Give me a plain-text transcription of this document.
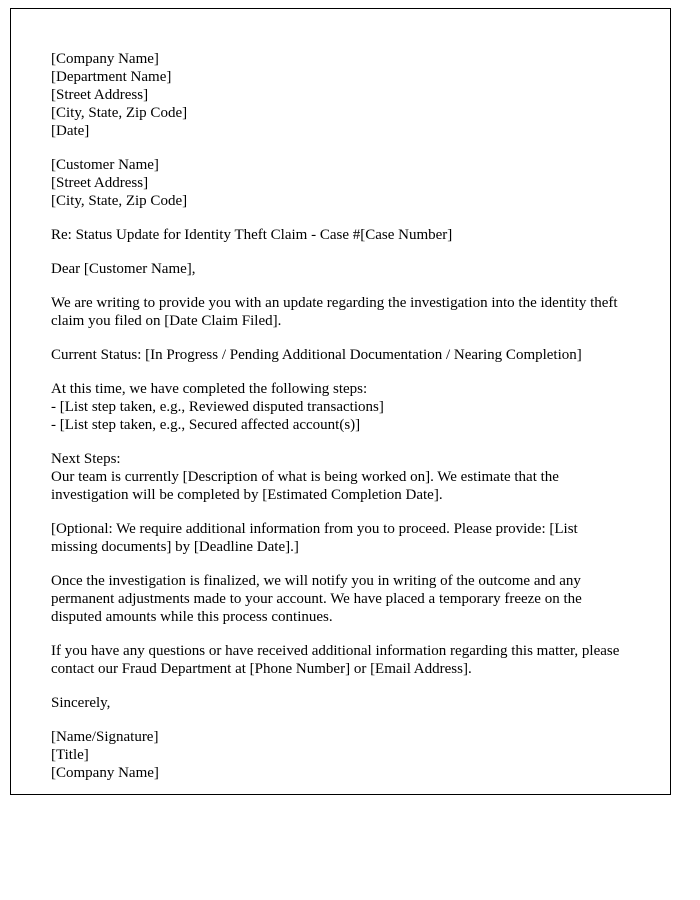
[Company Name]
[Department Name]
[Street Address]
[City, State, Zip Code]
[Date]
[Customer Name]
[Street Address]
[City, State, Zip Code]

Re: Status Update for Identity Theft Claim - Case #[Case Number]

Dear [Customer Name],

We are writing to provide you with an update regarding the investigation into the identity theft claim you filed on [Date Claim Filed].

Current Status: [In Progress / Pending Additional Documentation / Nearing Completion]

At this time, we have completed the following steps:
- [List step taken, e.g., Reviewed disputed transactions]
- [List step taken, e.g., Secured affected account(s)]
Next Steps:
Our team is currently [Description of what is being worked on]. We estimate that the investigation will be completed by [Estimated Completion Date].

[Optional: We require additional information from you to proceed. Please provide: [List missing documents] by [Deadline Date].]

Once the investigation is finalized, we will notify you in writing of the outcome and any permanent adjustments made to your account. We have placed a temporary freeze on the disputed amounts while this process continues.

If you have any questions or have received additional information regarding this matter, please contact our Fraud Department at [Phone Number] or [Email Address].

Sincerely,

[Name/Signature]
[Title]
[Company Name]
